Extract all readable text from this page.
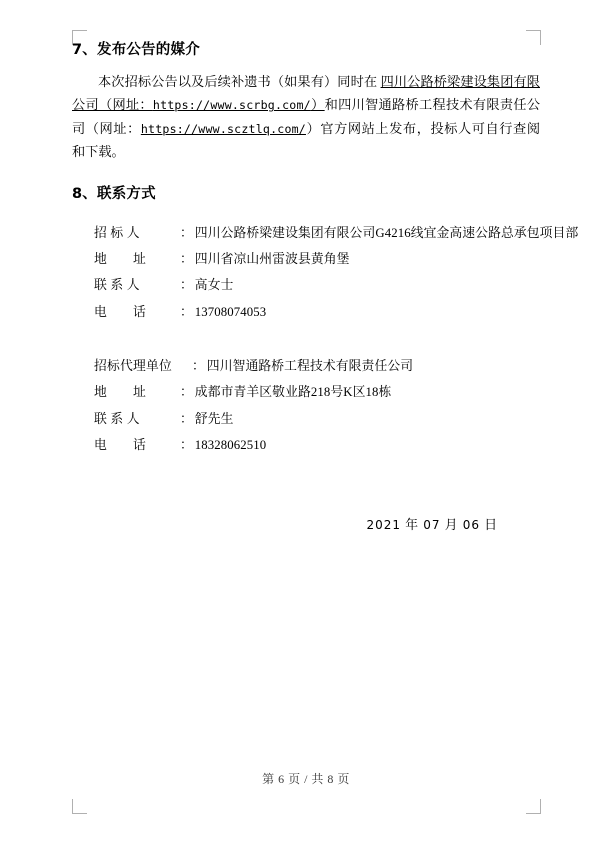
7、发布公告的媒介

本次招标公告以及后续补遗书（如果有）同时在 四川公路桥梁建设集团有限公司（网址：https://www.scrbg.com/）和四川智通路桥工程技术有限责任公司（网址：https://www.scztlq.com/）官方网站上发布，投标人可自行查阅和下载。

8、联系方式
招 标 人	： 四川公路桥梁建设集团有限公司 G4216线宜金高速公路总承包项目部
地　　址	： 四川省凉山州雷波县黄角堡
联 系 人	： 高女士
电　　话	： 13708074053
招标代理单位	： 四川智通路桥工程技术有限责任公司
地　　址	： 成都市青羊区敬业路 218号K区18栋
联 系 人	： 舒先生
电　　话	： 18328062510
2021 年 07 月 06 日
第 6 页 / 共 8 页
